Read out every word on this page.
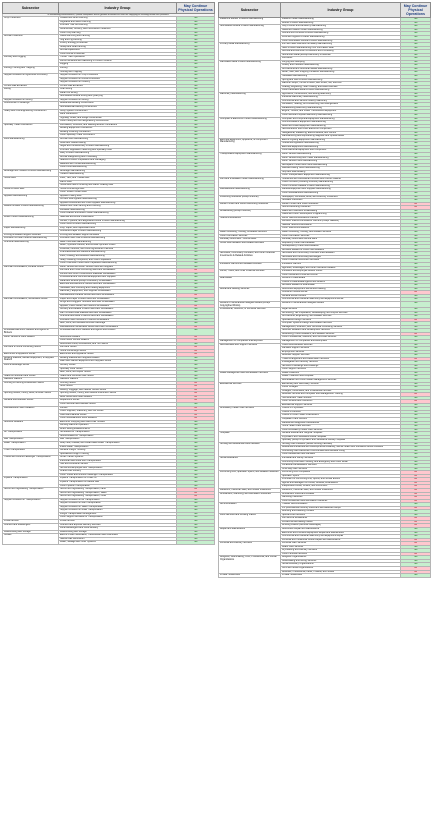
Subsector	Industry Group	May Continue Physical Operations
In extenuating circumstances, special exemptions will be granted to businesses that are supplying or servicing health care providers.		
Crop Production	Oilseed and Grain Farming	Yes
	Vegetable and Melon Farming	Yes
	Fruit and Tree Nut Farming	Yes
	Greenhouse, Nursery, and Floriculture Production	Yes
	Other Crop Farming	Yes
Animal Production	Cattle Ranching and Farming	Yes
	Hog and Pig Farming	Yes
	Poultry and Egg Production	Yes
	Sheep and Goat Farming	Yes
	Animal Aquaculture	Yes
	Other Animal Production	Yes
Forestry and Logging	Timber Tract Operations	Yes
	Forest Nurseries and Gathering of Forest Products	Yes
	Logging	Yes
Fishing, Hunting and Trapping	Fishing	Yes
	Hunting and Trapping	Yes
Support Activities for Agriculture & Forestry	Support Activities for Crop Production	Yes
	Support Activities for Animal Production	Yes
	Support Activities for Forestry	Yes
Oil and Gas Extraction	Oil and Gas Extraction	Yes
Mining	Coal Mining	Yes
	Metal Ore Mining	Yes
	Nonmetallic Mineral Mining and Quarrying	Yes
Support Activities for Mining	Support Activities for Mining	Yes
Construction of Buildings	Residential Building Construction	Yes
	Nonresidential Building Construction	Yes
Heavy and Civil Engineering Construction	Utility System Construction	Yes
	Land Subdivision	Yes
	Highway, Street, and Bridge Construction	Yes
	Other Heavy and Civil Engineering Construction	Yes
Specialty Trade Contractors	Foundation, Structure, and Building Exterior Contractors	Yes
	Building Equipment Contractors	Yes
	Building Finishing Contractors	Yes
	Other Specialty Trade Contractors	Yes
Food Manufacturing	Animal Food Manufacturing	Yes
	Grain and Oilseed Milling	Yes
	Sugar and Confectionery Product Manufacturing	Yes
	Fruit and Vegetable Preserving and Specialty Food	Yes
	Dairy Product Manufacturing	Yes
	Animal Slaughtering and Processing	Yes
	Seafood Product Preparation and Packaging	Yes
	Bakeries and Tortilla Manufacturing	Yes
	Other Food Manufacturing	Yes
Beverage and Tobacco Product Manufacturing	Beverage Manufacturing	Yes
	Tobacco Manufacturing	Yes
Textile Mills	Fiber, Yarn, and Thread Mills	Yes
	Fabric Mills	Yes
	Textile and Fabric Finishing and Fabric Coating Mills	Yes
Textile Product Mills	Textile Furnishings Mills	Yes
	Other Textile Product Mills	Yes
Apparel Manufacturing	Apparel Knitting Mills	Yes
	Cut and Sew Apparel Manufacturing	Yes
	Apparel Accessories and Other Apparel Manufacturing	Yes
Leather & Allied Product Manufacturing	Leather and Hide Tanning and Finishing	Yes
	Footwear Manufacturing	Yes
	Other Leather and Allied Product Manufacturing	Yes
Wood Product Manufacturing	Sawmills and Wood Preservation	Yes
	Veneer, Plywood, and Engineered Wood Product Manufacturing	Yes
	Other Wood Product Manufacturing	Yes
Paper Manufacturing	Pulp, Paper, and Paperboard Mills	Yes
	Converted Paper Product Manufacturing	Yes
Printing & Related Support Activities	Printing and Related Support Activities	Yes
Petroleum & Coal Products Manufacturing	Petroleum and Coal Products Manufacturing	Yes
Chemical Manufacturing	Basic Chemical Manufacturing	Yes
	Resin, Synthetic Rubber, and Artificial Synthetic Fibers	Yes
	Pesticide, Fertilizer, and Other Agricultural Chemical	Yes
	Pharmaceutical and Medicine Manufacturing	Yes
	Paint, Coating, and Adhesive Manufacturing	Yes
	Soap, Cleaning Compound, and Toilet Preparation	Yes
	Other Chemical Product and Preparation Manufacturing	Yes
Merchant Wholesalers, Durable Goods	Motor Vehicle and Motor Vehicle Parts and Supplies	Yes
	Furniture and Home Furnishing Merchant Wholesalers	No
	Lumber and Other Construction Materials Wholesalers	Yes
	Professional and Commercial Equipment and Supplies	Yes
	Metal and Mineral (except Petroleum) Wholesalers	Yes
	Electrical and Electronic Goods Merchant Wholesalers	Yes
	Hardware, and Plumbing and Heating Equipment	Yes
	Machinery, Equipment, and Supplies Wholesalers	Yes
	Miscellaneous Durable Goods Merchant Wholesalers	No
Merchant Wholesalers, Nondurable Goods	Paper and Paper Product Merchant Wholesalers	Yes
	Drugs and Druggists' Sundries Merchant Wholesalers	Yes
	Apparel, Piece Goods, and Notions Wholesalers	No
	Grocery and Related Product Merchant Wholesalers	Yes
	Farm Product Raw Material Merchant Wholesalers	Yes
	Chemical and Allied Products Merchant Wholesalers	Yes
	Petroleum and Petroleum Products Wholesalers	Yes
	Beer, Wine, and Distilled Alcoholic Beverage	Yes
	Miscellaneous Nondurable Goods Merchant Wholesalers	No
Wholesale Electronic Markets and Agents & Brokers	Wholesale Electronic Markets and Agents and Brokers	Yes
Motor Vehicle & Parts Dealers	Automobile Dealers	No
	Other Motor Vehicle Dealers	No
	Automotive Parts, Accessories, and Tire Stores	Yes
Furniture & Home Furnishing Stores	Furniture Stores	No
	Home Furnishings Stores	No
Electronics & Appliance Stores	Electronics and Appliance Stores	No
Building Material, Garden Equipment, & Supplies Dealers	Building Material and Supplies Dealers	Yes
	Lawn and Garden Equipment and Supplies Stores	Yes
Food & Beverage Stores	Grocery Stores	Yes
	Specialty Food Stores	Yes
	Beer, Wine, and Liquor Stores	Yes
Health & Personal Care Stores	Health and Personal Care Stores	Yes
Gasoline Stations	Gasoline Stations	Yes
Clothing & Clothing Accessories Stores	Clothing Stores	No
	Shoe Stores	No
	Jewelry, Luggage, and Leather Goods Stores	No
Sporting Goods, Hobby, Book, & Music Stores	Sporting Goods, Hobby, and Musical Instrument Stores	No
	Book Stores and News Dealers	No
General Merchandise Stores	Department Stores	No
	Other General Merchandise Stores	Yes
Miscellaneous Store Retailers	Florists	No
	Office Supplies, Stationery, and Gift Stores	No
	Used Merchandise Stores	No
	Other Miscellaneous Store Retailers	No
Nonstore Retailers	Electronic Shopping and Mail-Order Houses	Yes
	Vending Machine Operators	Yes
	Direct Selling Establishments	Yes
Air Transportation	Scheduled Air Transportation	Yes
	Nonscheduled Air Transportation	Yes
Rail Transportation	Rail Transportation	Yes
Water Transportation	Deep Sea, Coastal, and Great Lakes Water Transportation	Yes
	Inland Water Transportation	Yes
Truck Transportation	General Freight Trucking	Yes
	Specialized Freight Trucking	Yes
Transit and Ground Passenger Transportation	Urban Transit Systems	Yes
	Interurban and Rural Bus Transportation	Yes
	Taxi and Limousine Service	Yes
	School and Employee Bus Transportation	Yes
	Charter Bus Industry	Yes
	Other Transit and Ground Passenger Transportation	Yes
Pipeline Transportation	Pipeline Transportation of Crude Oil	Yes
	Pipeline Transportation of Natural Gas	Yes
	Other Pipeline Transportation	Yes
Scenic and Sightseeing Transportation	Scenic and Sightseeing Transportation, Land	No
	Scenic and Sightseeing Transportation, Water	No
	Scenic and Sightseeing Transportation, Other	No
Support Activities for Transportation	Support Activities for Air Transportation	Yes
	Support Activities for Rail Transportation	Yes
	Support Activities for Water Transportation	Yes
	Support Activities for Road Transportation	Yes
	Freight Transportation Arrangement	Yes
	Other Support Activities for Transportation	Yes
Postal Service	Postal Service	Yes
Couriers and Messengers	Couriers and Express Delivery Services	Yes
	Local Messengers and Local Delivery	Yes
Warehousing and Storage	Warehousing and Storage	Yes
Utilities	Electric Power Generation, Transmission and Distribution	Yes
	Natural Gas Distribution	Yes
	Water, Sewage and Other Systems	Yes
Subsector	Industry Group	May Continue Physical Operations
Plastics & Rubber Products Manufacturing	Plastics Product Manufacturing	Yes
	Rubber Product Manufacturing	Yes
Nonmetallic Mineral Product Manufacturing	Clay Product and Refractory Manufacturing	Yes
	Glass and Glass Product Manufacturing	Yes
	Cement and Concrete Product Manufacturing	Yes
	Lime and Gypsum Product Manufacturing	Yes
	Other Nonmetallic Mineral Product Manufacturing	Yes
Primary Metal Manufacturing	Iron and Steel Mills and Ferroalloy Manufacturing	Yes
	Steel Product Manufacturing from Purchased Steel	Yes
	Alumina and Aluminum Production and Processing	Yes
	Nonferrous Metal (except Aluminum) Production	Yes
	Foundries	Yes
Fabricated Metal Product Manufacturing	Forging and Stamping	Yes
	Cutlery and Handtool Manufacturing	Yes
	Architectural and Structural Metals Manufacturing	Yes
	Boiler, Tank, and Shipping Container Manufacturing	Yes
	Hardware Manufacturing	Yes
	Spring and Wire Product Manufacturing	Yes
	Machine Shops; Turned Product; and Screw, Nut, and Bolt	Yes
	Coating, Engraving, Heat Treating, and Allied Activities	Yes
	Other Fabricated Metal Product Manufacturing	Yes
Machinery Manufacturing	Agriculture, Construction, and Mining Machinery	Yes
	Industrial Machinery Manufacturing	Yes
	Commercial and Service Industry Machinery	Yes
	Ventilation, Heating, Air-Conditioning, and Refrigeration	Yes
	Metalworking Machinery Manufacturing	Yes
	Engine, Turbine, and Power Transmission Equipment	Yes
	Other General Purpose Machinery Manufacturing	Yes
Computer & Electronic Product Manufacturing	Computer and Peripheral Equipment Manufacturing	Yes
	Communications Equipment Manufacturing	Yes
	Audio and Video Equipment Manufacturing	Yes
	Semiconductor and Other Electronic Component	Yes
	Navigational, Measuring, Electromedical, and Control	Yes
	Manufacturing and Reproducing Magnetic and Optical Media	Yes
Electrical Equipment, Appliance, & Component Manufacturing	Electric Lighting Equipment Manufacturing	Yes
	Household Appliance Manufacturing	Yes
	Electrical Equipment Manufacturing	Yes
	Other Electrical Equipment and Component	Yes
Transportation Equipment Manufacturing	Motor Vehicle Manufacturing	Yes
	Motor Vehicle Body and Trailer Manufacturing	Yes
	Motor Vehicle Parts Manufacturing	Yes
	Aerospace Product and Parts Manufacturing	Yes
	Railroad Rolling Stock Manufacturing	Yes
	Ship and Boat Building	Yes
	Other Transportation Equipment Manufacturing	Yes
Furniture & Related Product Manufacturing	Household and Institutional Furniture and Kitchen Cabinet	Yes
	Office Furniture (including Fixtures) Manufacturing	Yes
	Other Furniture Related Product Manufacturing	Yes
Miscellaneous Manufacturing	Medical Equipment and Supplies Manufacturing	Yes
	Other Miscellaneous Manufacturing	Yes
Publishing Industries (except Internet)	Newspaper, Periodical, Book, and Directory Publishers	Yes
	Software Publishers	Yes
Motion Picture and Sound Recording Industries	Motion Picture and Video Industries	No
	Sound Recording Industries	No
Broadcasting (except Internet)	Radio and Television Broadcasting	Yes
	Cable and Other Subscription Programming	Yes
Telecommunications	Wired Telecommunications Carriers	Yes
	Wireless Telecommunications Carriers (except Satellite)	Yes
	Satellite Telecommunications	Yes
	Other Telecommunications	Yes
Data Processing, Hosting, & Related Services	Data Processing, Hosting, and Related Services	Yes
Other Information Services	Other Information Services	Yes
Monetary Authorities - Central Bank	Monetary Authorities-Central Bank	Yes
Credit Intermediation and Related Activities	Depository Credit Intermediation	Yes
	Nondepository Credit Intermediation	Yes
	Activities Related to Credit Intermediation	Yes
Securities, Commodity Contracts, and Other Financial Investments & Related Activities	Securities and Commodity Contracts Intermediation	Yes
	Securities and Commodity Exchanges	Yes
	Other Financial Investment Activities	Yes
Insurance Carriers and Related Activities	Insurance Carriers	Yes
	Agencies, Brokerages, and Other Insurance Related	Yes
Funds, Trusts, and Other Financial Vehicles	Insurance and Employee Benefit Funds	Yes
	Other Investment Pools and Funds	Yes
Real Estate	Lessors of Real Estate	Yes
	Offices of Real Estate Agents and Brokers	Yes
	Activities Related to Real Estate	Yes
Rental and Leasing Services	Automotive Equipment Rental and Leasing	Yes
	Consumer Goods Rental	No
	General Rental Centers	Yes
	Commercial and Industrial Machinery and Equipment Rental	Yes
Lessors of Nonfinancial Intangible Assets (except Copyrighted Works)	Lessors of Nonfinancial Intangible Assets	Yes
Professional, Scientific, & Technical Services	Legal Services	Yes
	Accounting, Tax Preparation, Bookkeeping, and Payroll Services	Yes
	Architectural, Engineering, and Related Services	Yes
	Specialized Design Services	No
	Computer Systems Design and Related Services	Yes
	Management, Scientific, and Technical Consulting Services	Yes
	Scientific Research and Development Services	Yes
	Advertising, Public Relations, and Related Services	No
	Other Professional, Scientific, and Technical Services	Yes
Management of Companies & Enterprises	Management of Companies and Enterprises	Yes
Administrative and Support Services	Office Administrative Services	Yes
	Facilities Support Services	Yes
	Employment Services	Yes
	Business Support Services	Yes
	Travel Arrangement and Reservation Services	No
	Investigation and Security Services	Yes
	Services to Buildings and Dwellings	Yes
	Other Support Services	Yes
Waste Management and Remediation Services	Waste Collection	Yes
	Waste Treatment and Disposal	Yes
	Remediation and Other Waste Management Services	Yes
Educational Services	Elementary and Secondary Schools	Yes
	Junior Colleges	Yes
	Colleges, Universities, and Professional Schools	Yes
	Business Schools and Computer and Management Training	No
	Technical and Trade Schools	Yes
	Other Schools and Instruction	No
	Educational Support Services	Yes
Ambulatory Health Care Services	Offices of Physicians	Yes
	Offices of Dentists	Yes
	Offices of Other Health Practitioners	Yes
	Outpatient Care Centers	Yes
	Medical and Diagnostic Laboratories	Yes
	Home Health Care Services	Yes
	Other Ambulatory Health Care Services	Yes
Hospitals	General Medical and Surgical Hospitals	Yes
	Psychiatric and Substance Abuse Hospitals	Yes
	Specialty (except Psychiatric and Substance Abuse) Hospitals	Yes
Nursing and Residential Care Facilities	Nursing Care Facilities (Skilled Nursing Facilities)	Yes
	Residential Intellectual and Developmental Disability, Mental Health and Substance Abuse Facilities	Yes
	Continuing Care Retirement Communities and Assisted Living	Yes
	Other Residential Care Facilities	Yes
Social Assistance	Individual and Family Services	Yes
	Community Food and Housing, and Emergency and Other Relief	Yes
	Vocational Rehabilitation Services	Yes
	Child Day Care Services	Yes
Performing Arts, Spectator Sports, and Related Industries	Performing Arts Companies	No
	Spectator Sports	No
	Promoters of Performing Arts, Sports, and Similar Events	No
	Agents and Managers for Artists, Athletes, Entertainers	No
	Independent Artists, Writers, and Performers	No
Museums, Historical Sites, and Similar Institutions	Museums, Historical Sites, and Similar Institutions	No
Amusement, Gambling, and Recreation Industries	Amusement Parks and Arcades	No
	Gambling Industries	No
	Other Amusement and Recreation Industries	No
Accommodation	Traveler Accommodation	Yes
	RV (Recreational Vehicle) Parks and Recreational Camps	No
	Rooming and Boarding Houses	Yes
Food Services and Drinking Places	Special Food Services	Yes
	Full-Service Restaurants	No
	Limited-Service Eating Places	No
	Drinking Places (Alcoholic Beverages)	No
Repair and Maintenance	Automotive Repair and Maintenance	Yes
	Electronic and Precision Equipment Repair and Maintenance	Yes
	Commercial and Industrial Machinery and Equipment Repair	Yes
	Personal and Household Goods Repair and Maintenance	No
Personal and Laundry Services	Personal Care Services	No
	Death Care Services	Yes
	Drycleaning and Laundry Services	Yes
	Other Personal Services	No
Religious, Grantmaking, Civic, Professional, and Similar Organizations	Religious Organizations	Yes
	Grantmaking and Giving Services	Yes
	Social Advocacy Organizations	Yes
	Civic and Social Organizations	No
	Business, Professional, Labor, Political, and Similar	No
Private Households	Private Households	Yes
